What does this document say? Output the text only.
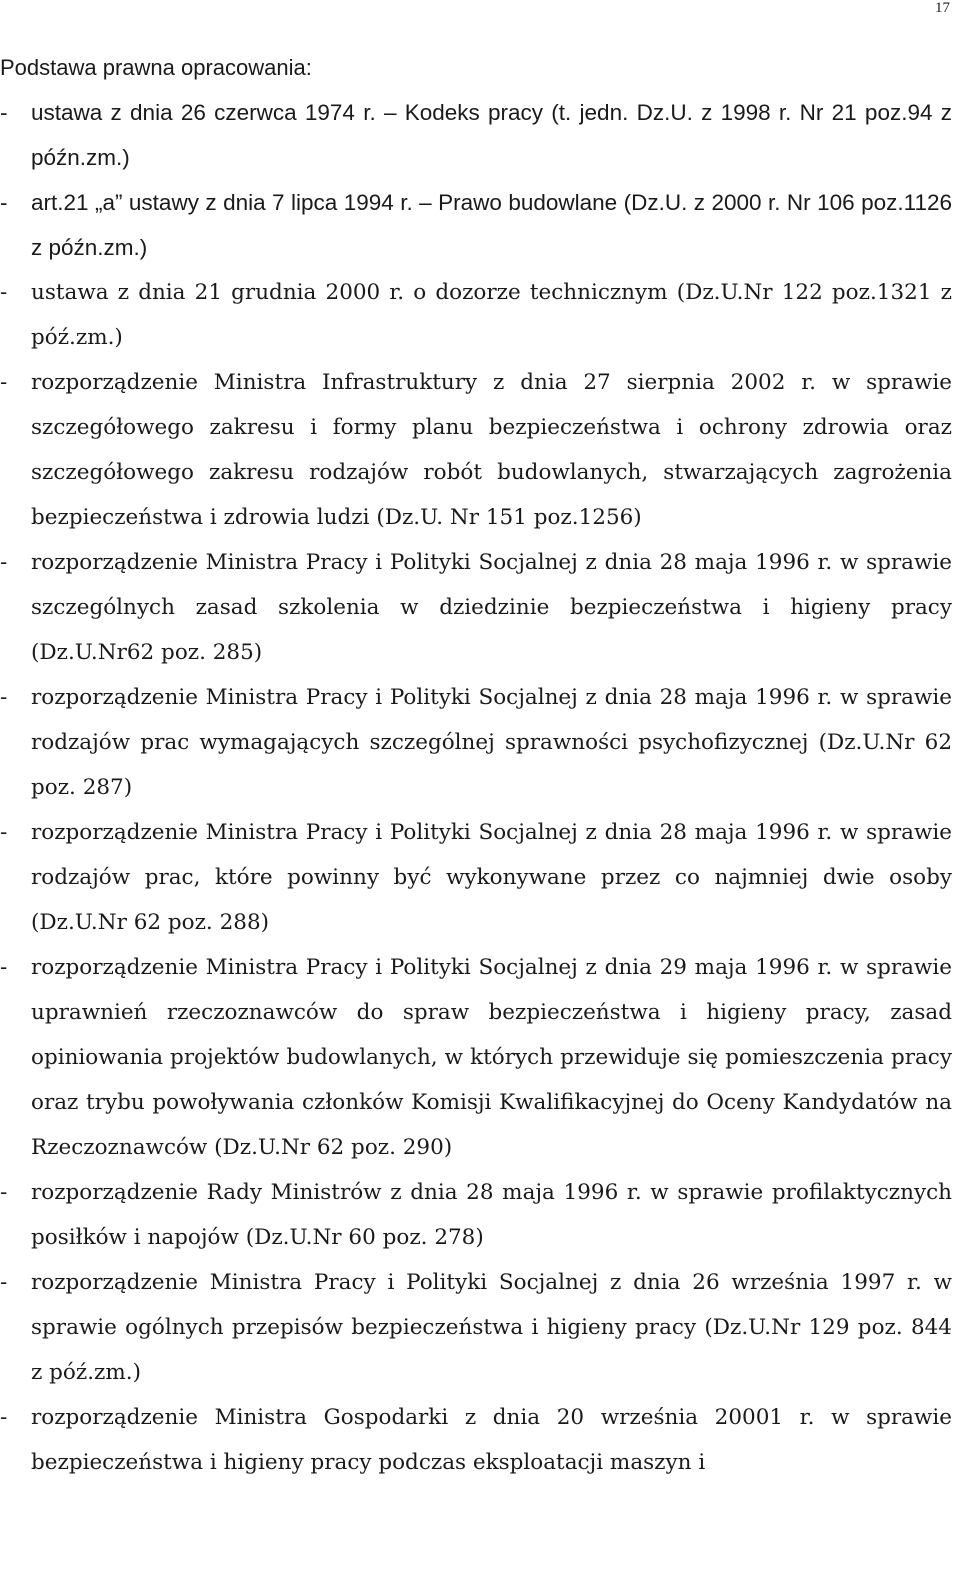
17

Podstawa prawna opracowania:

- ustawa z dnia 26 czerwca 1974 r. – Kodeks pracy (t. jedn. Dz.U. z 1998 r. Nr 21 poz.94 z późn.zm.)
- art.21 „a” ustawy z dnia 7 lipca 1994 r. – Prawo budowlane (Dz.U. z 2000 r. Nr 106 poz.1126 z późn.zm.)
- ustawa z dnia 21 grudnia 2000 r. o dozorze technicznym (Dz.U.Nr 122 poz.1321 z póź.zm.)
- rozporządzenie Ministra Infrastruktury z dnia 27 sierpnia 2002 r. w sprawie szczegółowego zakresu i formy planu bezpieczeństwa i ochrony zdrowia oraz szczegółowego zakresu rodzajów robót budowlanych, stwarzających zagrożenia bezpieczeństwa i zdrowia ludzi (Dz.U. Nr 151 poz.1256)
- rozporządzenie Ministra Pracy i Polityki Socjalnej z dnia 28 maja 1996 r. w sprawie szczególnych zasad szkolenia w dziedzinie bezpieczeństwa i higieny pracy (Dz.U.Nr62 poz. 285)
- rozporządzenie Ministra Pracy i Polityki Socjalnej z dnia 28 maja 1996 r. w sprawie rodzajów prac wymagających szczególnej sprawności psychofizycznej (Dz.U.Nr 62 poz. 287)
- rozporządzenie Ministra Pracy i Polityki Socjalnej z dnia 28 maja 1996 r. w sprawie rodzajów prac, które powinny być wykonywane przez co najmniej dwie osoby (Dz.U.Nr 62 poz. 288)
- rozporządzenie Ministra Pracy i Polityki Socjalnej z dnia 29 maja 1996 r. w sprawie uprawnień rzeczoznawców do spraw bezpieczeństwa i higieny pracy, zasad opiniowania projektów budowlanych, w których przewiduje się pomieszczenia pracy oraz trybu powoływania członków Komisji Kwalifikacyjnej do Oceny Kandydatów na Rzeczoznawców (Dz.U.Nr 62 poz. 290)
- rozporządzenie Rady Ministrów z dnia 28 maja 1996 r. w sprawie profilaktycznych posiłków i napojów (Dz.U.Nr 60 poz. 278)
- rozporządzenie Ministra Pracy i Polityki Socjalnej z dnia 26 września 1997 r. w sprawie ogólnych przepisów bezpieczeństwa i higieny pracy (Dz.U.Nr 129 poz. 844 z póź.zm.)
- rozporządzenie Ministra Gospodarki z dnia 20 września 20001 r. w sprawie bezpieczeństwa i higieny pracy podczas eksploatacji maszyn i
